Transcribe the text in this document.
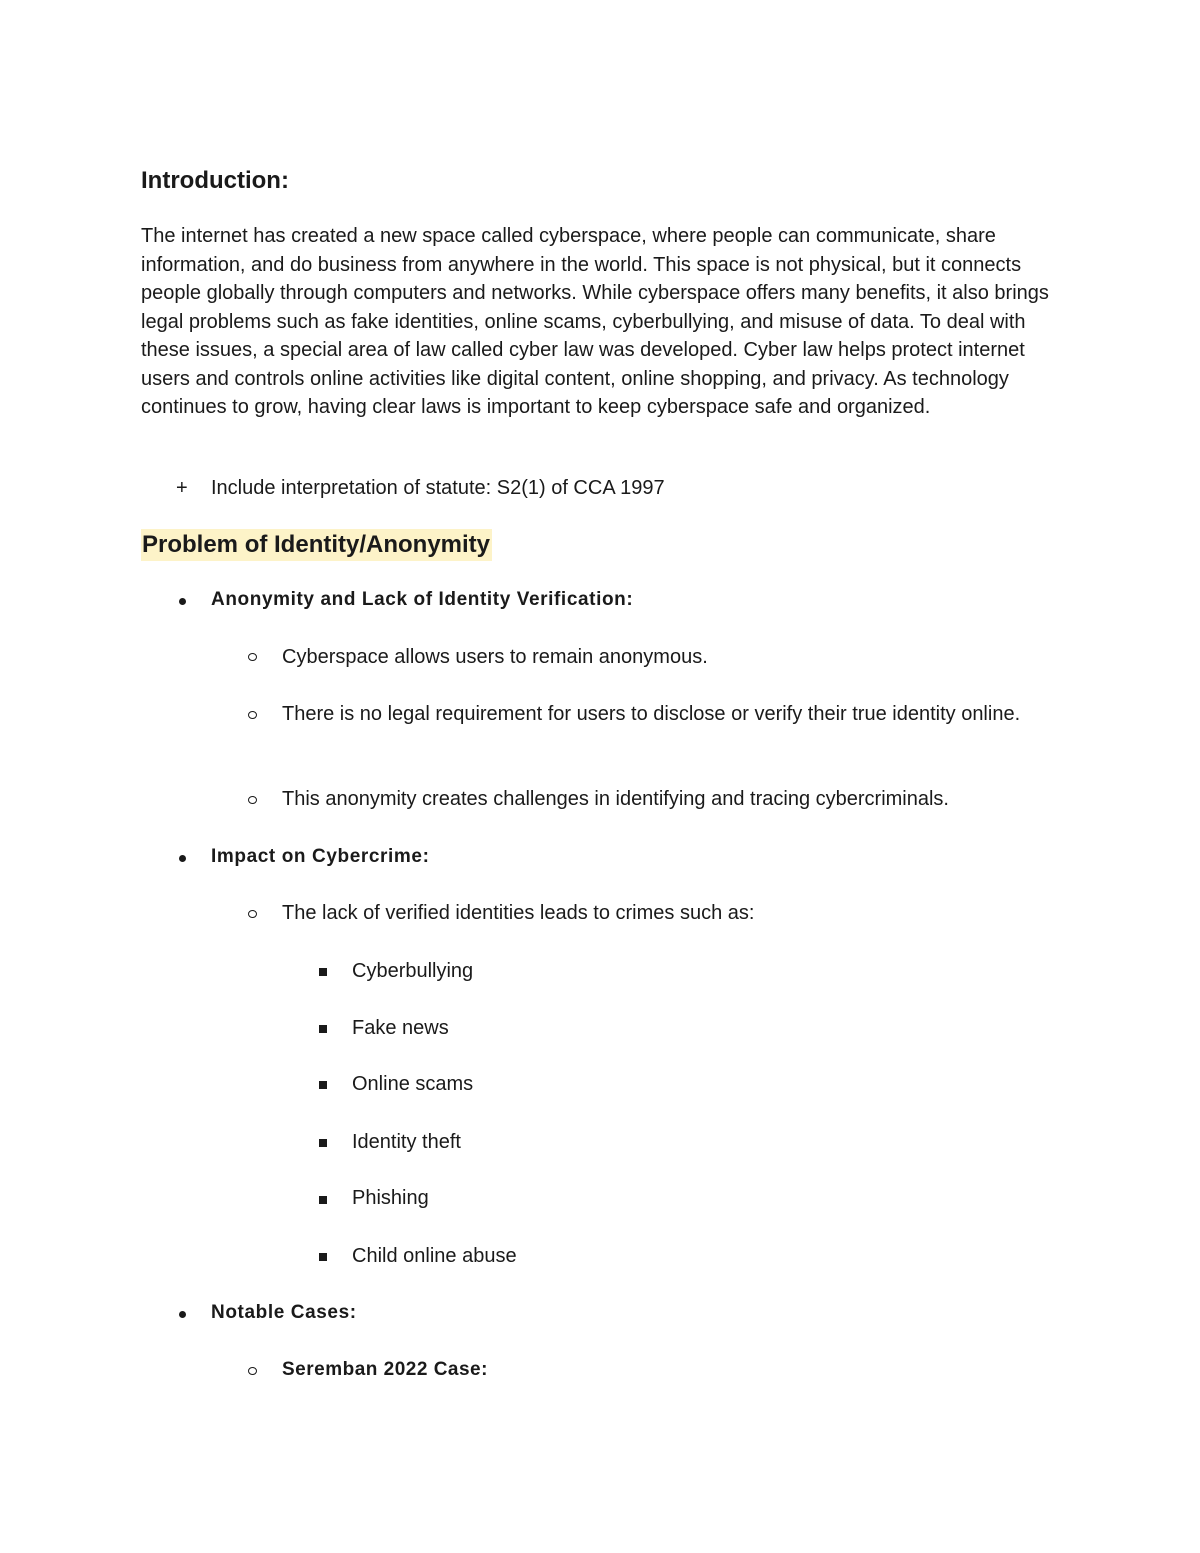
Introduction:

The internet has created a new space called cyberspace, where people can communicate, share information, and do business from anywhere in the world. This space is not physical, but it connects people globally through computers and networks. While cyberspace offers many benefits, it also brings legal problems such as fake identities, online scams, cyberbullying, and misuse of data. To deal with these issues, a special area of law called cyber law was developed. Cyber law helps protect internet users and controls online activities like digital content, online shopping, and privacy. As technology continues to grow, having clear laws is important to keep cyberspace safe and organized.

+ Include interpretation of statute: S2(1) of CCA 1997
Problem of Identity/Anonymity
Anonymity and Lack of Identity Verification:
Cyberspace allows users to remain anonymous.
There is no legal requirement for users to disclose or verify their true identity online.
This anonymity creates challenges in identifying and tracing cybercriminals.
Impact on Cybercrime:
The lack of verified identities leads to crimes such as:
Cyberbullying
Fake news
Online scams
Identity theft
Phishing
Child online abuse
Notable Cases:
Seremban 2022 Case:
